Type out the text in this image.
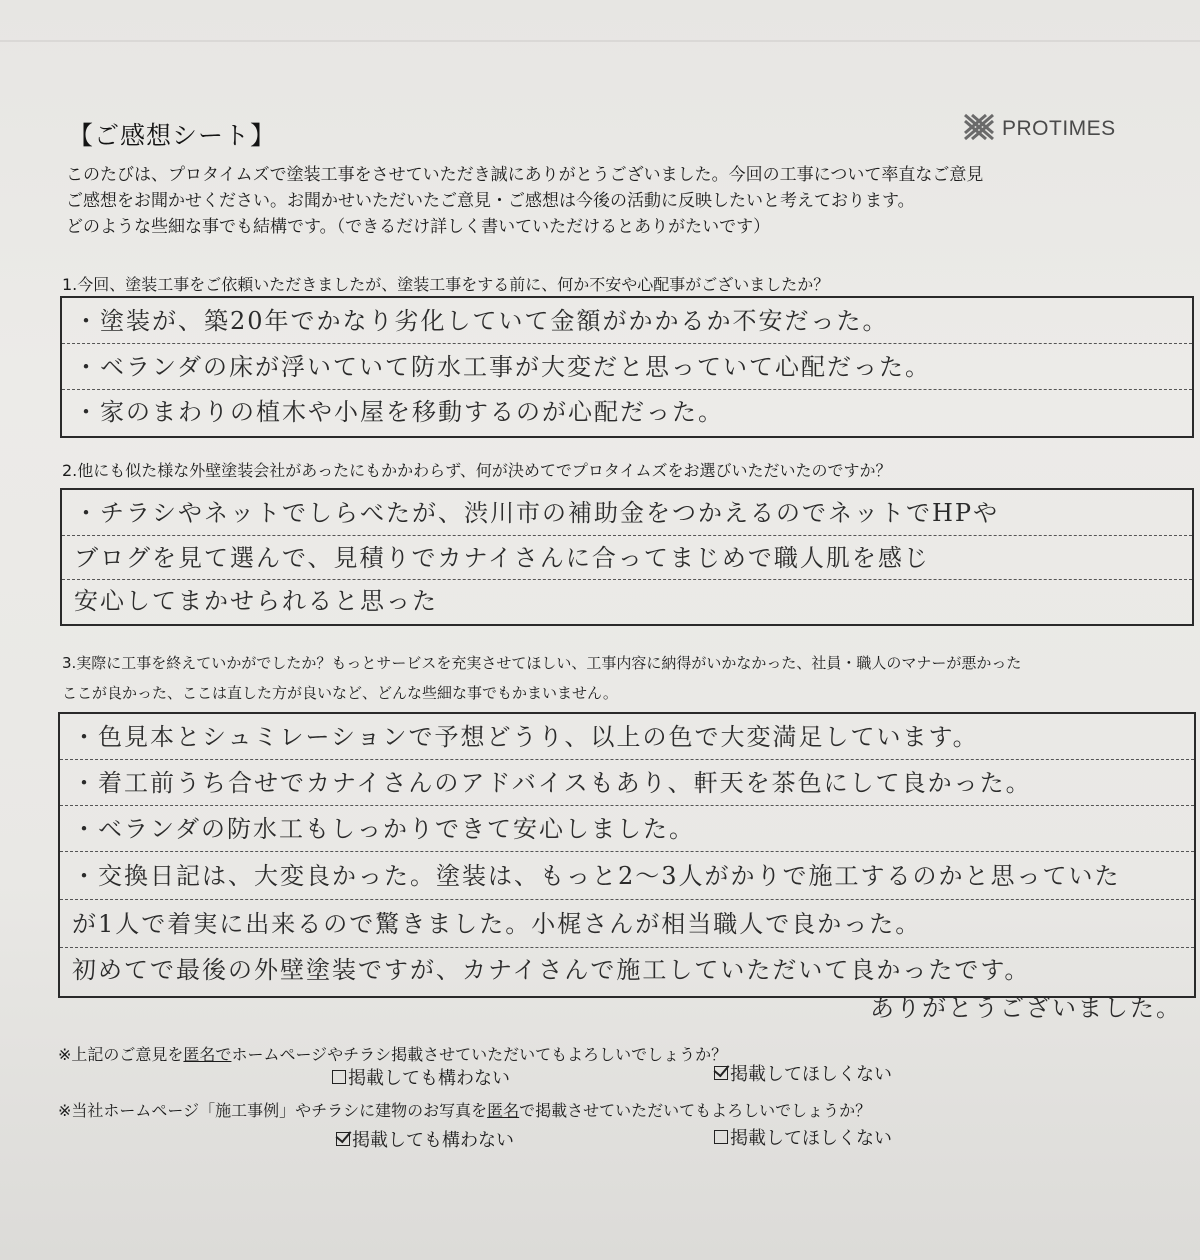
【ご感想シート】	PROTIMES
このたびは、プロタイムズで塗装工事をさせていただき誠にありがとうございました。今回の工事について率直なご意見
ご感想をお聞かせください。お聞かせいただいたご意見・ご感想は今後の活動に反映したいと考えております。
どのような些細な事でも結構です。（できるだけ詳しく書いていただけるとありがたいです）
1.今回、塗装工事をご依頼いただきましたが、塗装工事をする前に、何か不安や心配事がございましたか？
・塗装が、築20年でかなり劣化していて金額がかかるか不安だった。
・ベランダの床が浮いていて防水工事が大変だと思っていて心配だった。
・家のまわりの植木や小屋を移動するのが心配だった。
2.他にも似た様な外壁塗装会社があったにもかかわらず、何が決めてでプロタイムズをお選びいただいたのですか？
・チラシやネットでしらべたが、渋川市の補助金をつかえるのでネットでHPや
ブログを見て選んで、見積りでカナイさんに合ってまじめで職人肌を感じ
安心してまかせられると思った
3.実際に工事を終えていかがでしたか？もっとサービスを充実させてほしい、工事内容に納得がいかなかった、社員・職人のマナーが悪かった
ここが良かった、ここは直した方が良いなど、どんな些細な事でもかまいません。
・色見本とシュミレーションで予想どうり、以上の色で大変満足しています。
・着工前うち合せでカナイさんのアドバイスもあり、軒天を茶色にして良かった。
・ベランダの防水工もしっかりできて安心しました。
・交換日記は、大変良かった。塗装は、もっと2〜3人がかりで施工するのかと思っていた
が1人で着実に出来るので驚きました。小梶さんが相当職人で良かった。
初めてで最後の外壁塗装ですが、カナイさんで施工していただいて良かったです。
ありがとうございました。
※上記のご意見を匿名でホームページやチラシ掲載させていただいてもよろしいでしょうか？
掲載しても構わない	掲載してほしくない
※当社ホームページ「施工事例」やチラシに建物のお写真を匿名で掲載させていただいてもよろしいでしょうか？
掲載しても構わない	掲載してほしくない
